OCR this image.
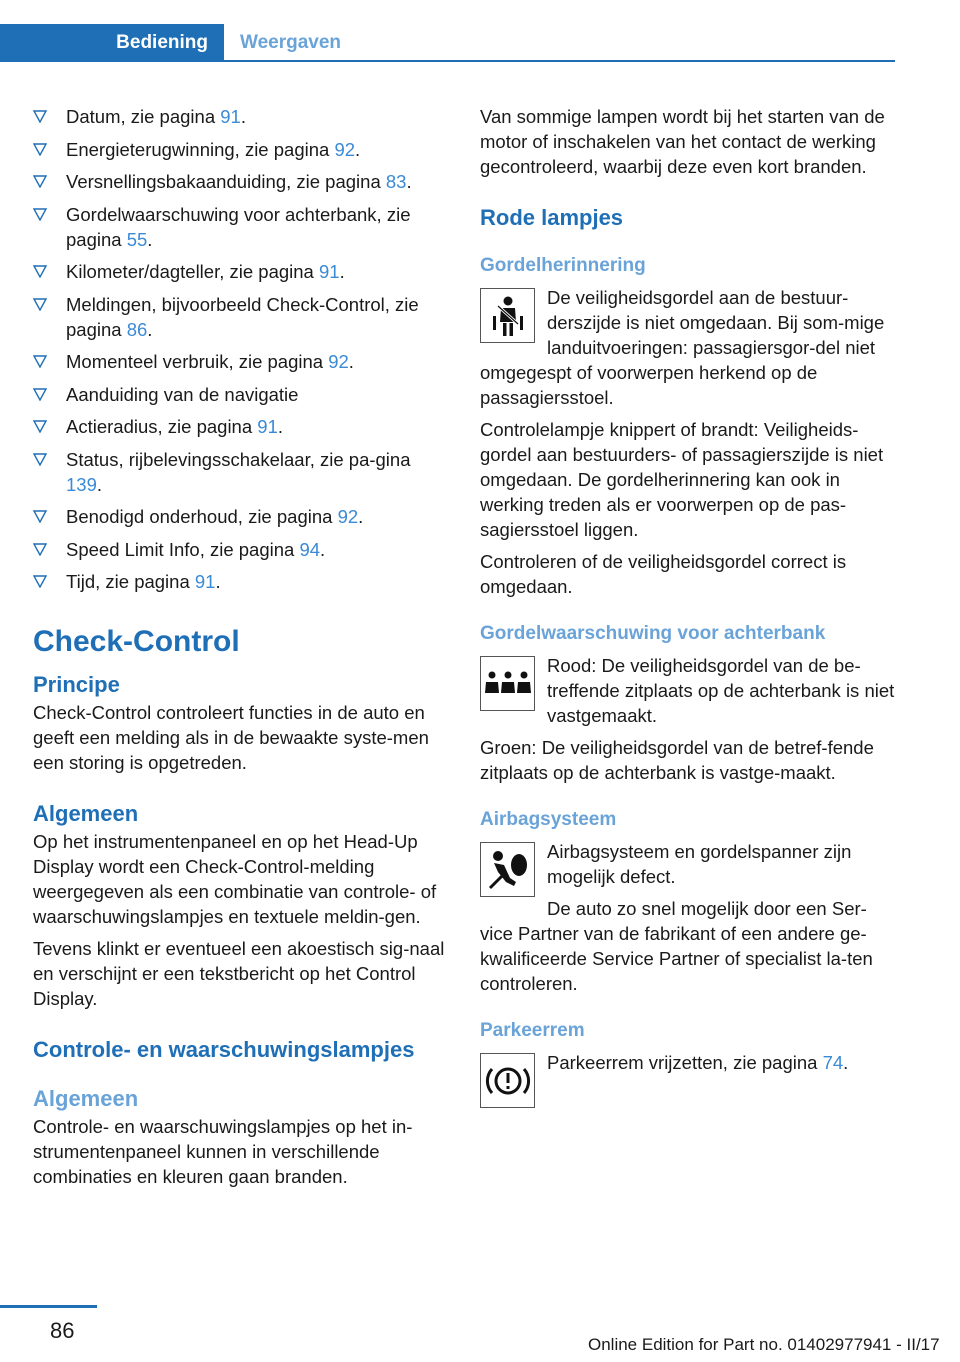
Bediening	Weergaven
Datum, zie pagina 91.
Energieterugwinning, zie pagina 92.
Versnellingsbakaanduiding, zie pagina 83.
Gordelwaarschuwing voor achterbank, zie pagina 55.
Kilometer/dagteller, zie pagina 91.
Meldingen, bijvoorbeeld Check-Control, zie pagina 86.
Momenteel verbruik, zie pagina 92.
Aanduiding van de navigatie
Actieradius, zie pagina 91.
Status, rijbelevingsschakelaar, zie pa‐gina 139.
Benodigd onderhoud, zie pagina 92.
Speed Limit Info, zie pagina 94.
Tijd, zie pagina 91.
Check-Control
Principe

Check-Control controleert functies in de auto en geeft een melding als in de bewaakte syste‐men een storing is opgetreden.

Algemeen

Op het instrumentenpaneel en op het Head-Up Display wordt een Check-Control-melding weergegeven als een combinatie van controle- of waarschuwingslampjes en textuele meldin‐gen.

Tevens klinkt er eventueel een akoestisch sig‐naal en verschijnt er een tekstbericht op het Control Display.

Controle- en waarschuwingslampjes
Algemeen

Controle- en waarschuwingslampjes op het in‐strumentenpaneel kunnen in verschillende combinaties en kleuren gaan branden.

Van sommige lampen wordt bij het starten van de motor of inschakelen van het contact de werking gecontroleerd, waarbij deze even kort branden.

Rode lampjes
Gordelherinnering

De veiligheidsgordel aan de bestuur‐derszijde is niet omgedaan. Bij som‐mige landuitvoeringen: passagiersgor‐del niet omgegespt of voorwerpen herkend op de passagiersstoel.

Controlelampje knippert of brandt: Veiligheids‐gordel aan bestuurders- of passagierszijde is niet omgedaan. De gordelherinnering kan ook in werking treden als er voorwerpen op de pas‐sagiersstoel liggen.

Controleren of de veiligheidsgordel correct is omgedaan.

Gordelwaarschuwing voor achterbank

Rood: De veiligheidsgordel van de be‐treffende zitplaats op de achterbank is niet vastgemaakt.

Groen: De veiligheidsgordel van de betref‐fende zitplaats op de achterbank is vastge‐maakt.

Airbagsysteem

Airbagsysteem en gordelspanner zijn mogelijk defect.

De auto zo snel mogelijk door een Ser‐vice Partner van de fabrikant of een andere ge‐kwalificeerde Service Partner of specialist la‐ten controleren.

Parkeerrem

Parkeerrem vrijzetten, zie pagina 74.

86
Online Edition for Part no. 01402977941 - II/17
